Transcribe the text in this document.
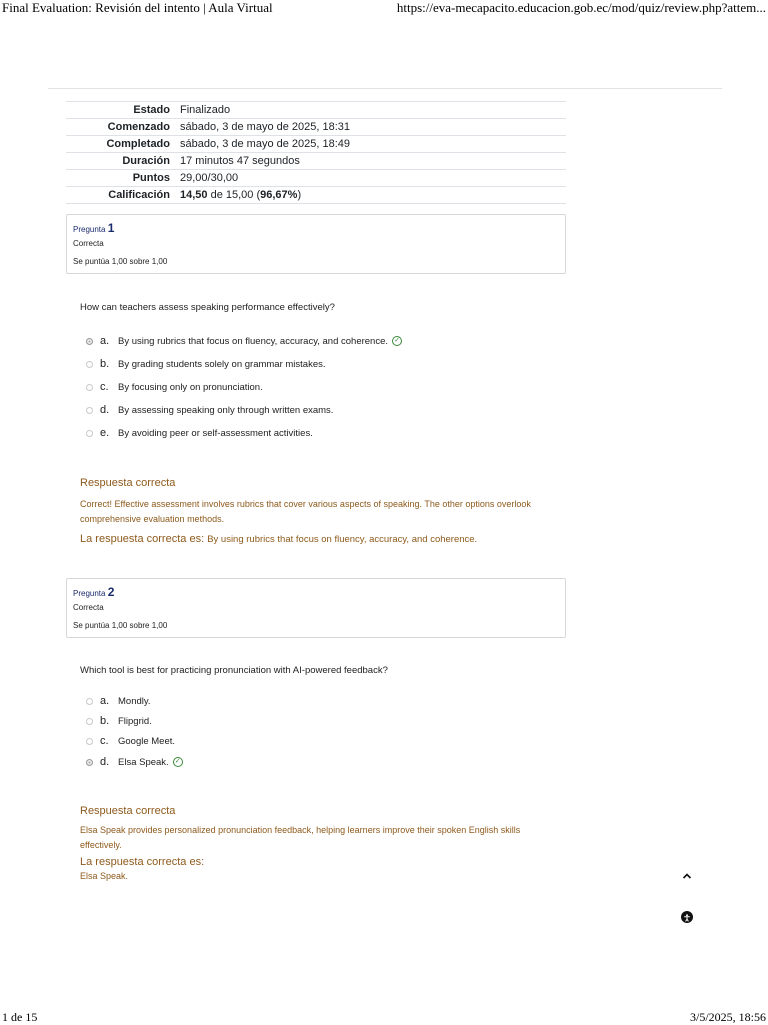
Final Evaluation: Revisión del intento | Aula Virtual	https://eva-mecapacito.educacion.gob.ec/mod/quiz/review.php?attem...
Estado	Finalizado
Comenzado	sábado, 3 de mayo de 2025, 18:31
Completado	sábado, 3 de mayo de 2025, 18:49
Duración	17 minutos 47 segundos
Puntos	29,00/30,00
Calificación	14,50 de 15,00 (96,67%)
Pregunta 1
Correcta
Se puntúa 1,00 sobre 1,00
How can teachers assess speaking performance effectively?
a. By using rubrics that focus on fluency, accuracy, and coherence. ✓
b. By grading students solely on grammar mistakes.
c. By focusing only on pronunciation.
d. By assessing speaking only through written exams.
e. By avoiding peer or self-assessment activities.
Respuesta correcta
Correct! Effective assessment involves rubrics that cover various aspects of speaking. The other options overlook comprehensive evaluation methods.
La respuesta correcta es: By using rubrics that focus on fluency, accuracy, and coherence.
Pregunta 2
Correcta
Se puntúa 1,00 sobre 1,00
Which tool is best for practicing pronunciation with AI-powered feedback?
a. Mondly.
b. Flipgrid.
c. Google Meet.
d. Elsa Speak. ✓
Respuesta correcta
Elsa Speak provides personalized pronunciation feedback, helping learners improve their spoken English skills effectively.
La respuesta correcta es:
Elsa Speak.
1 de 15	3/5/2025, 18:56
